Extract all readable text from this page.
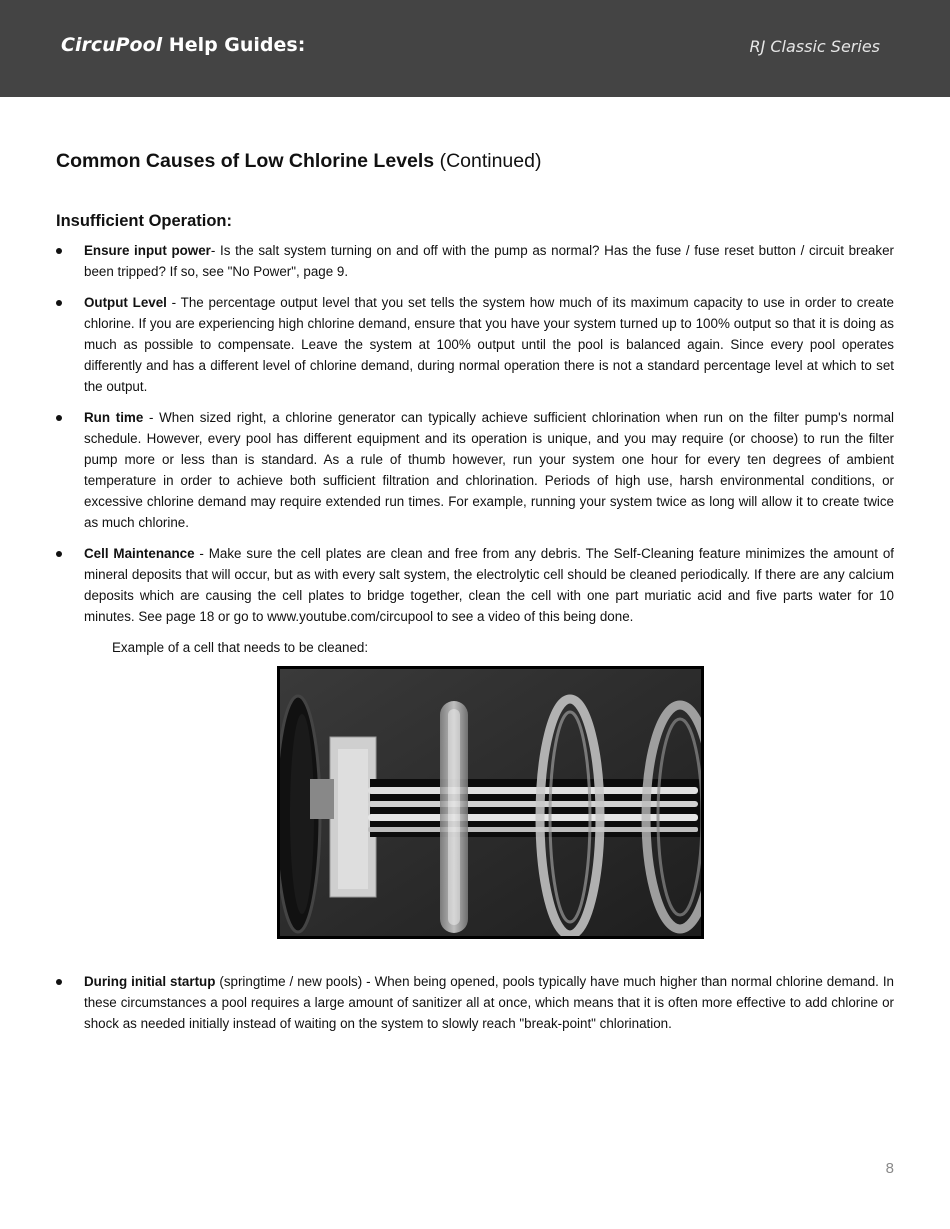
CircuPool Help Guides:	RJ Classic Series
Common Causes of Low Chlorine Levels (Continued)
Insufficient Operation:
Ensure input power- Is the salt system turning on and off with the pump as normal? Has the fuse / fuse reset button / circuit breaker been tripped? If so, see "No Power", page 9.
Output Level - The percentage output level that you set tells the system how much of its maximum capacity to use in order to create chlorine. If you are experiencing high chlorine demand, ensure that you have your system turned up to 100% output so that it is doing as much as possible to compensate. Leave the system at 100% output until the pool is balanced again. Since every pool operates differently and has a different level of chlorine demand, during normal operation there is not a standard percentage level at which to set the output.
Run time - When sized right, a chlorine generator can typically achieve sufficient chlorination when run on the filter pump's normal schedule. However, every pool has different equipment and its operation is unique, and you may require (or choose) to run the filter pump more or less than is standard. As a rule of thumb however, run your system one hour for every ten degrees of ambient temperature in order to achieve both sufficient filtration and chlorination. Periods of high use, harsh environmental conditions, or excessive chlorine demand may require extended run times. For example, running your system twice as long will allow it to create twice as much chlorine.
Cell Maintenance - Make sure the cell plates are clean and free from any debris. The Self-Cleaning feature minimizes the amount of mineral deposits that will occur, but as with every salt system, the electrolytic cell should be cleaned periodically. If there are any calcium deposits which are causing the cell plates to bridge together, clean the cell with one part muriatic acid and five parts water for 10 minutes. See page 18 or go to www.youtube.com/circupool to see a video of this being done.

Example of a cell that needs to be cleaned:

During initial startup (springtime / new pools) - When being opened, pools typically have much higher than normal chlorine demand. In these circumstances a pool requires a large amount of sanitizer all at once, which means that it is often more effective to add chlorine or shock as needed initially instead of waiting on the system to slowly reach "break-point" chlorination.
8
